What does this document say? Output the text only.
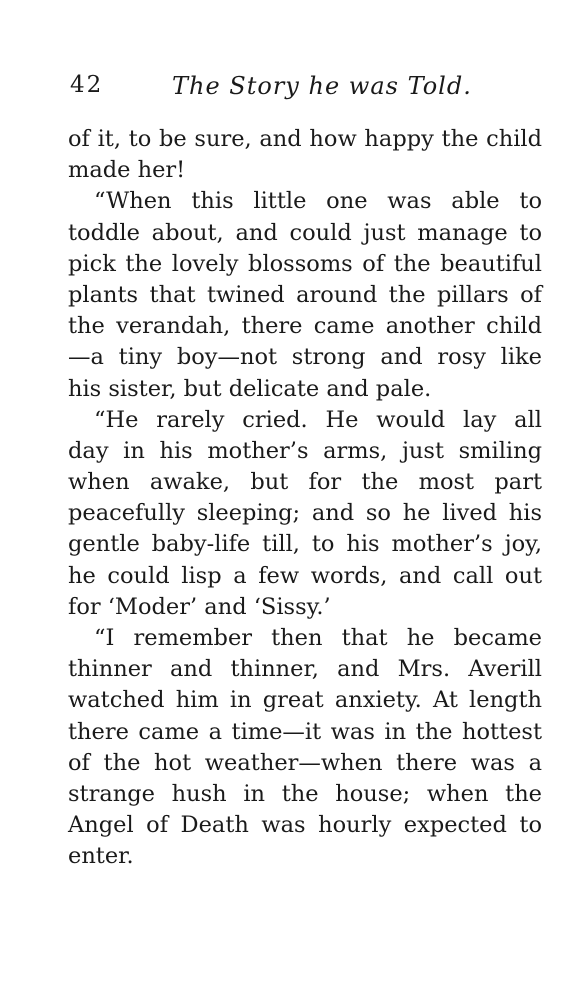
42	The Story he was Told.
of it, to be sure, and how happy the child
made her!
“When this little one was able to
toddle about, and could just manage to
pick the lovely blossoms of the beautiful
plants that twined around the pillars of
the verandah, there came another child
—a tiny boy—not strong and rosy like
his sister, but delicate and pale.
“He rarely cried. He would lay all
day in his mother’s arms, just smiling
when awake, but for the most part
peacefully sleeping; and so he lived his
gentle baby-life till, to his mother’s joy,
he could lisp a few words, and call out
for ‘Moder’ and ‘Sissy.’
“I remember then that he became
thinner and thinner, and Mrs. Averill
watched him in great anxiety. At length
there came a time—it was in the hottest
of the hot weather—when there was a
strange hush in the house; when the
Angel of Death was hourly expected to
enter.
